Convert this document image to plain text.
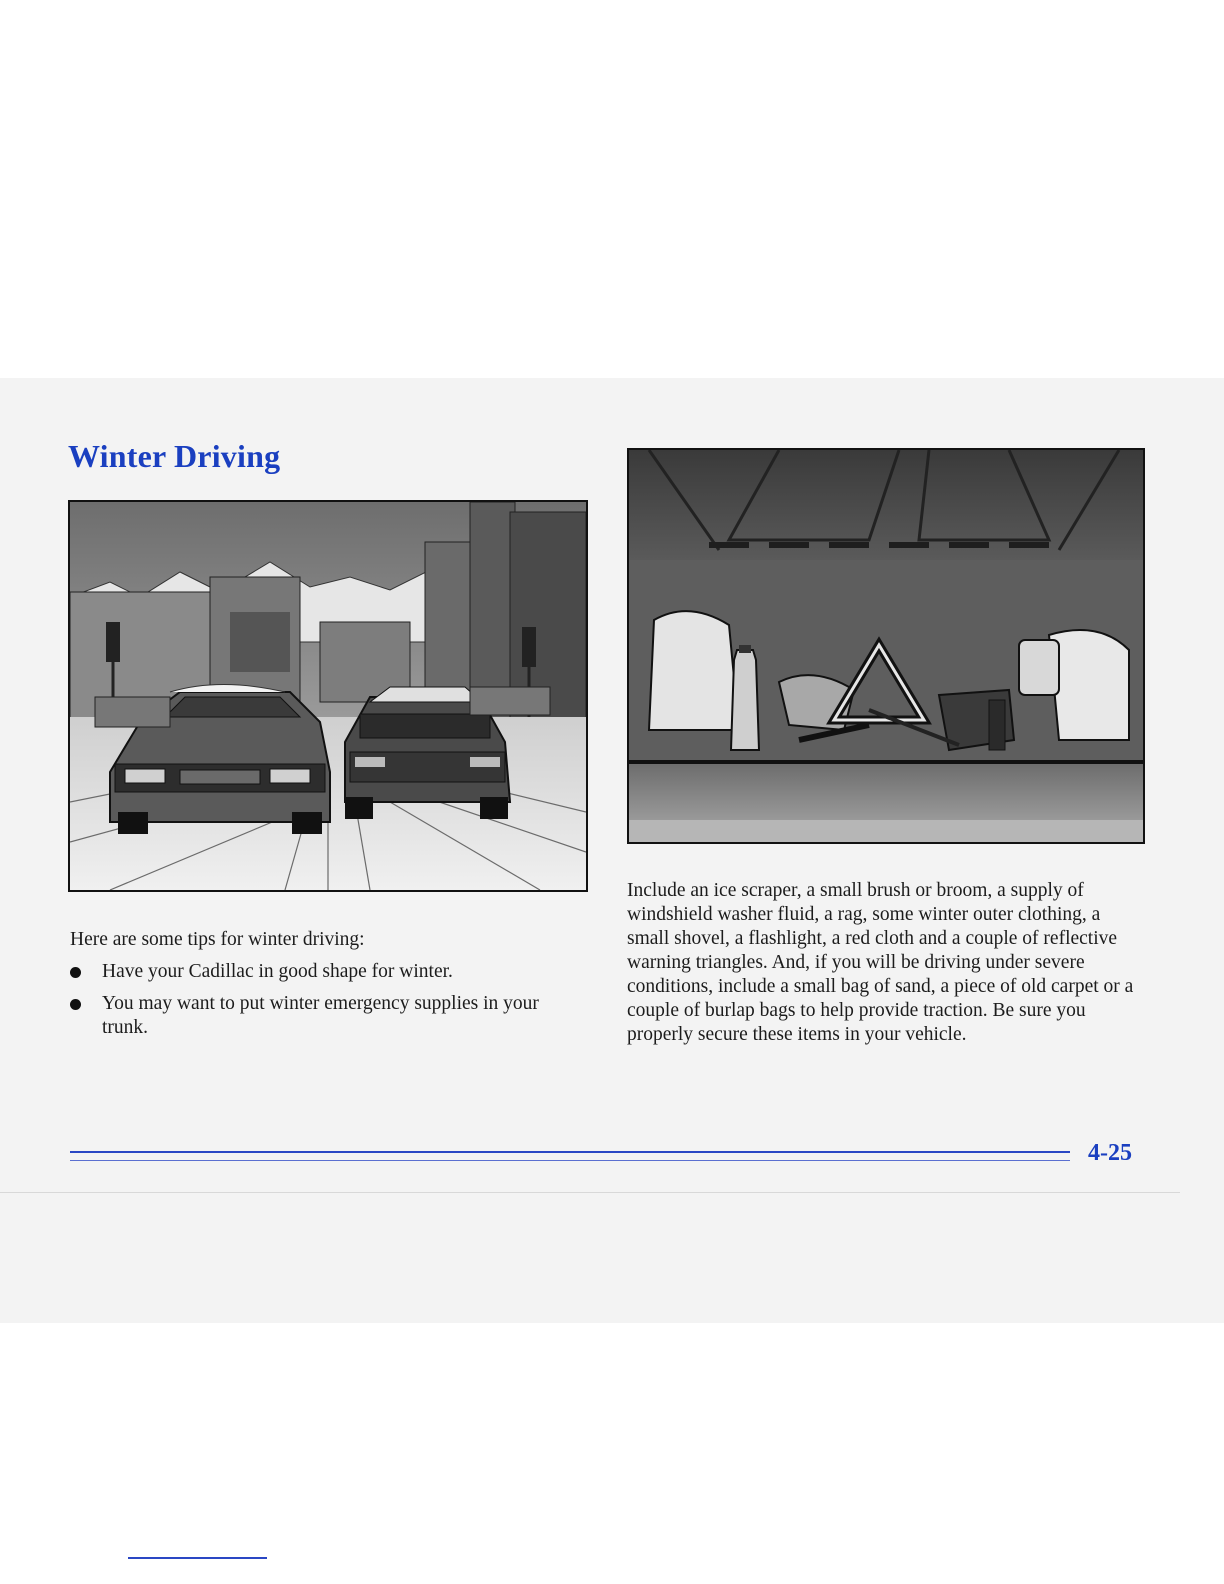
Winter Driving

Here are some tips for winter driving:

Have your Cadillac in good shape for winter.
You may want to put winter emergency supplies in your trunk.

Include an ice scraper, a small brush or broom, a supply of windshield washer fluid, a rag, some winter outer clothing, a small shovel, a flashlight, a red cloth and a couple of reflective warning triangles. And, if you will be driving under severe conditions, include a small bag of sand, a piece of old carpet or a couple of burlap bags to help provide traction. Be sure you properly secure these items in your vehicle.

4-25
